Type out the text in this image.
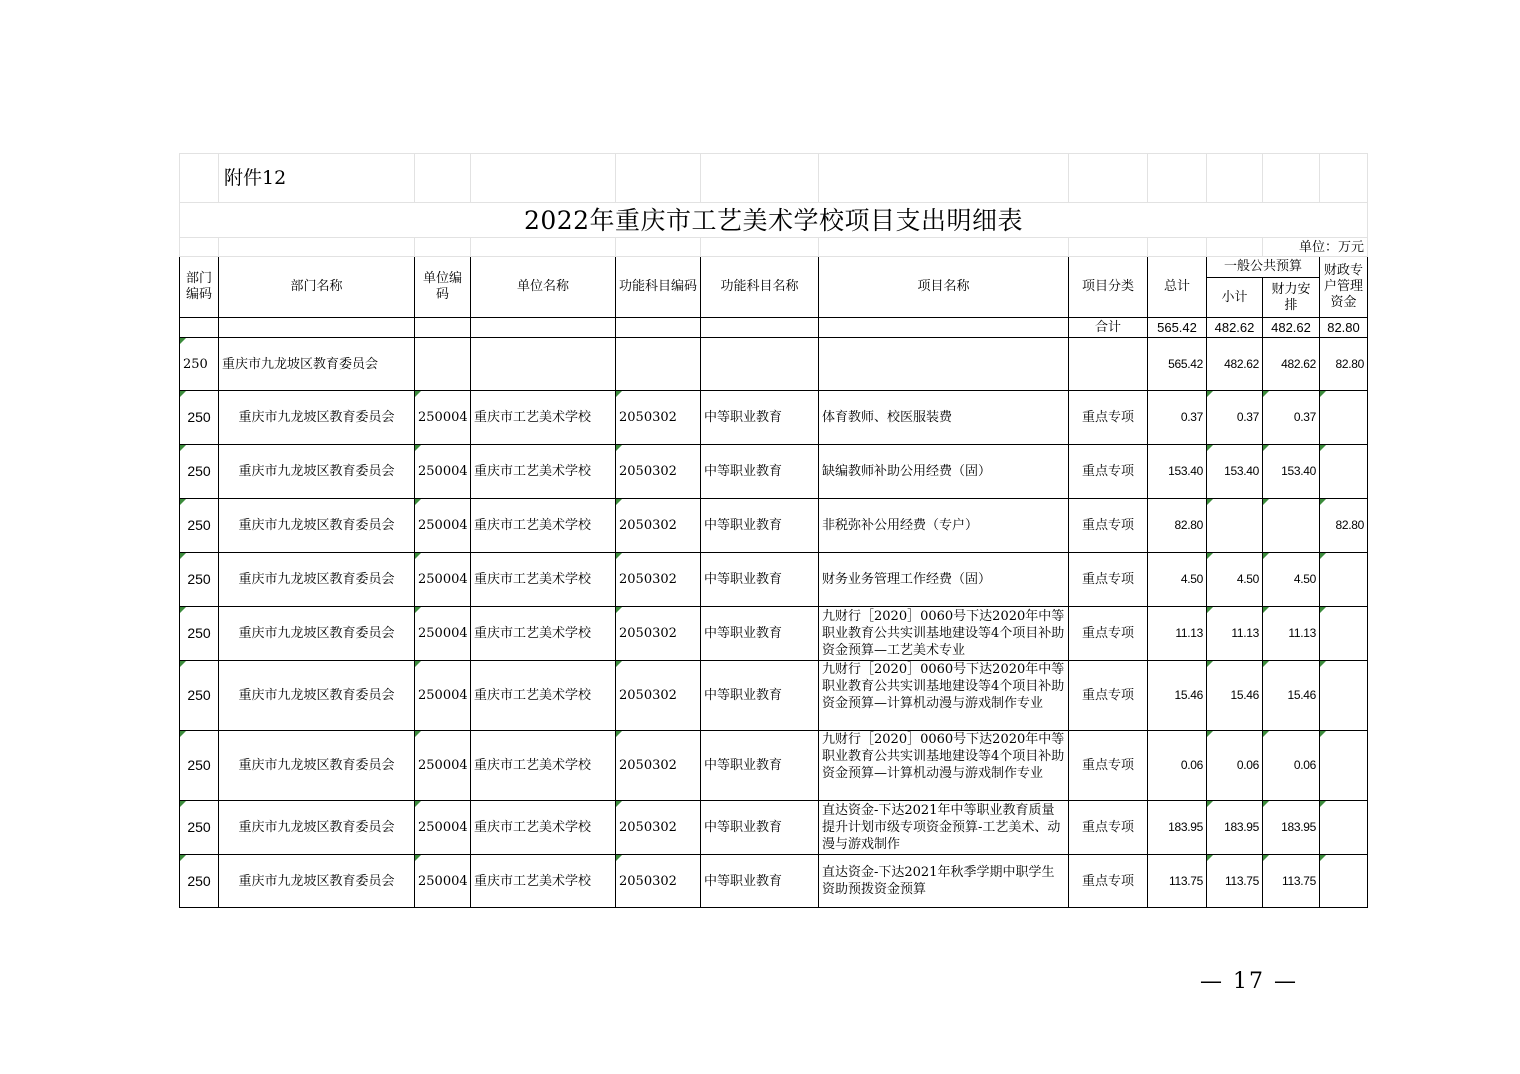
	附件12										
2022年重庆市工艺美术学校项目支出明细表											
										单位：万元	
部门编码	部门名称	单位编码	单位名称	功能科目编码	功能科目名称	项目名称	项目分类	总计	一般公共预算		财政专户管理资金
									小计	财力安排	
							合计	565.42	482.62	482.62	82.80
250	重庆市九龙坡区教育委员会							565.42	482.62	482.62	82.80
250	重庆市九龙坡区教育委员会	250004	重庆市工艺美术学校	2050302	中等职业教育	体育教师、校医服装费	重点专项	0.37	0.37	0.37	
250	重庆市九龙坡区教育委员会	250004	重庆市工艺美术学校	2050302	中等职业教育	缺编教师补助公用经费（固）	重点专项	153.40	153.40	153.40	
250	重庆市九龙坡区教育委员会	250004	重庆市工艺美术学校	2050302	中等职业教育	非税弥补公用经费（专户）	重点专项	82.80			82.80
250	重庆市九龙坡区教育委员会	250004	重庆市工艺美术学校	2050302	中等职业教育	财务业务管理工作经费（固）	重点专项	4.50	4.50	4.50	
250	重庆市九龙坡区教育委员会	250004	重庆市工艺美术学校	2050302	中等职业教育	九财行［2020］0060号下达2020年中等职业教育公共实训基地建设等4个项目补助资金预算—工艺美术专业	重点专项	11.13	11.13	11.13	
250	重庆市九龙坡区教育委员会	250004	重庆市工艺美术学校	2050302	中等职业教育	九财行［2020］0060号下达2020年中等职业教育公共实训基地建设等4个项目补助资金预算—计算机动漫与游戏制作专业	重点专项	15.46	15.46	15.46	
250	重庆市九龙坡区教育委员会	250004	重庆市工艺美术学校	2050302	中等职业教育	九财行［2020］0060号下达2020年中等职业教育公共实训基地建设等4个项目补助资金预算—计算机动漫与游戏制作专业	重点专项	0.06	0.06	0.06	
250	重庆市九龙坡区教育委员会	250004	重庆市工艺美术学校	2050302	中等职业教育	直达资金-下达2021年中等职业教育质量提升计划市级专项资金预算-工艺美术、动漫与游戏制作	重点专项	183.95	183.95	183.95	
250	重庆市九龙坡区教育委员会	250004	重庆市工艺美术学校	2050302	中等职业教育	直达资金-下达2021年秋季学期中职学生资助预拨资金预算	重点专项	113.75	113.75	113.75	
— 17 —
